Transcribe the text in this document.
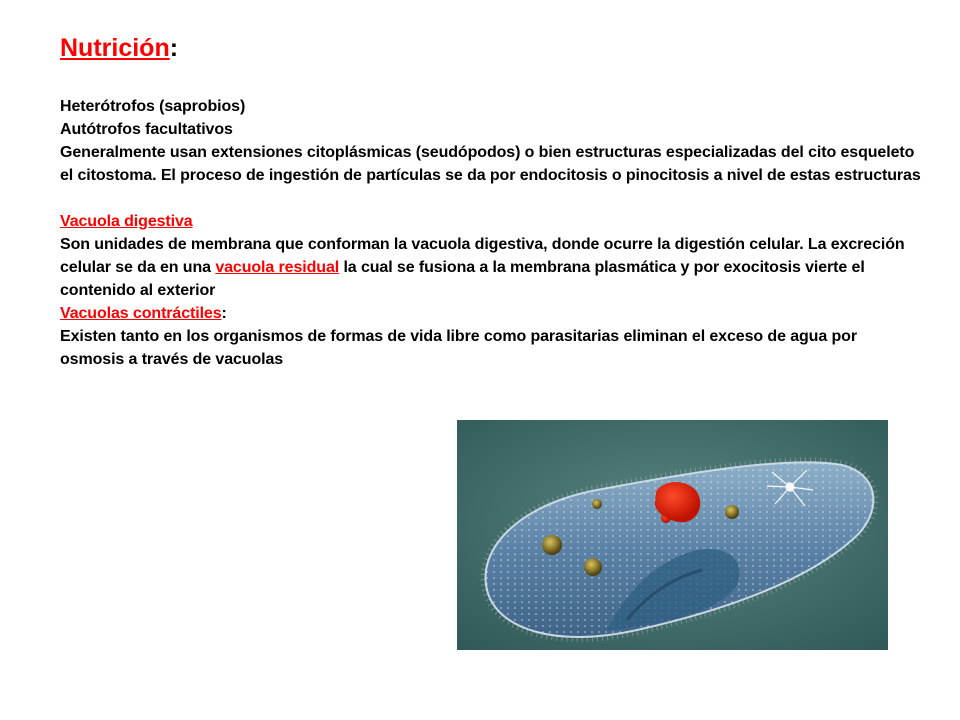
Nutrición:

Heterótrofos (saprobios)

Autótrofos facultativos

Generalmente usan extensiones citoplásmicas (seudópodos) o bien estructuras especializadas del cito esqueleto el citostoma. El proceso de ingestión de partículas se da por endocitosis o pinocitosis a nivel de estas estructuras

Vacuola digestiva

Son unidades de membrana que conforman la vacuola digestiva, donde ocurre la digestión celular. La excreción celular se da en una vacuola residual la cual se fusiona a la membrana plasmática y por exocitosis vierte el contenido al exterior

Vacuolas contráctiles:

Existen tanto en los organismos de formas de vida libre como parasitarias eliminan el exceso de agua por osmosis a través de vacuolas
